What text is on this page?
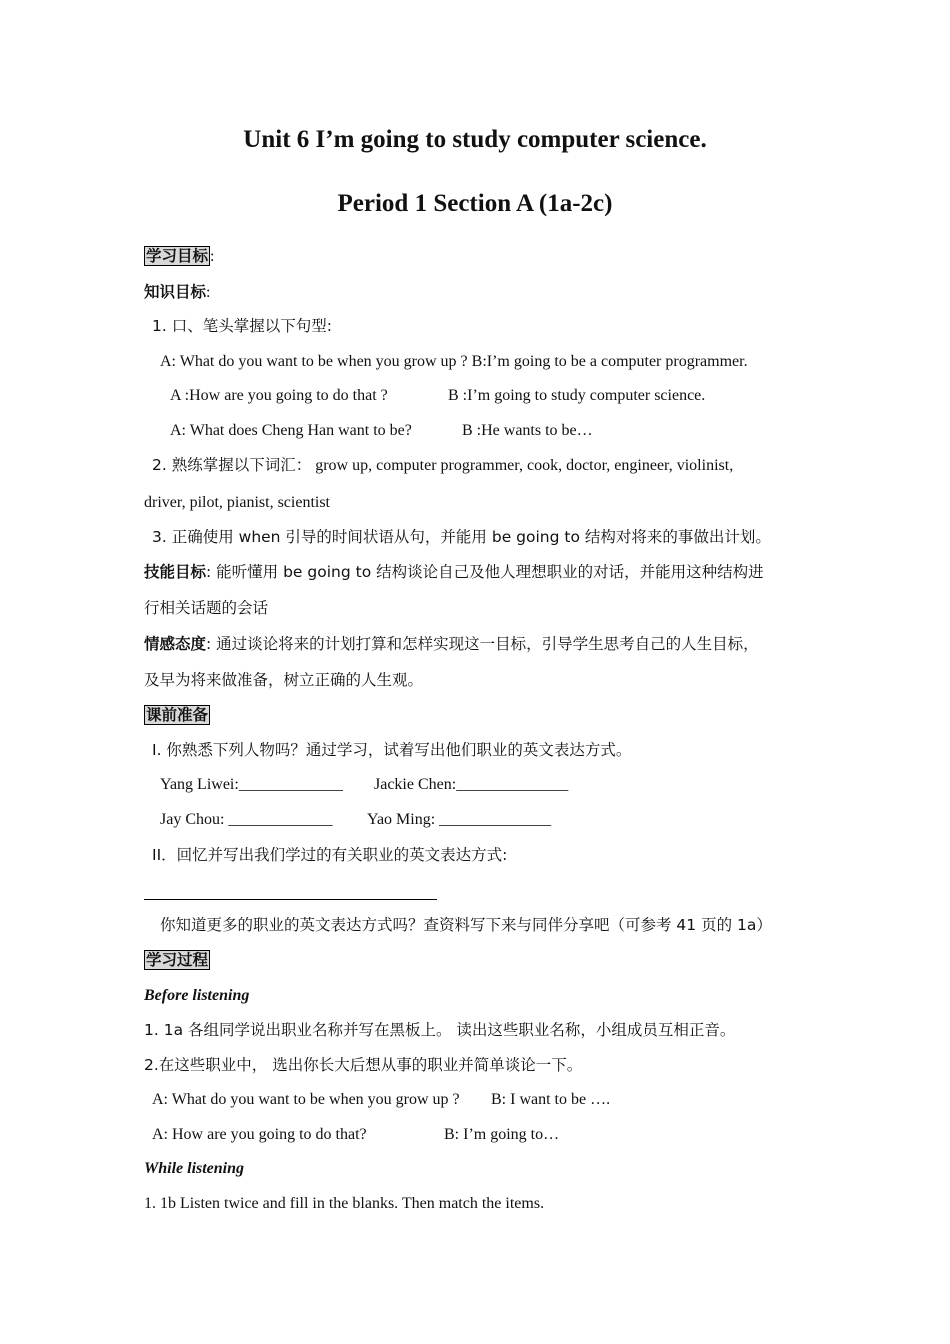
Unit 6 I’m going to study computer science.
Period 1 Section A (1a-2c)
学习目标 :
知识目标:
1. 口、笔头掌握以下句型:
A: What do you want to be when you grow up ? B:I’m going to be a computer programmer.
A :How are you going to do that ?	B :I’m going to study computer science.
A: What does Cheng Han want to be?	B :He wants to be…
2. 熟练掌握以下词汇： grow up, computer programmer, cook, doctor, engineer, violinist,
driver, pilot, pianist, scientist
3. 正确使用 when 引导的时间状语从句，并能用 be going to 结构对将来的事做出计划。
技能目标: 能听懂用 be going to 结构谈论自己及他人理想职业的对话，并能用这种结构进
行相关话题的会话
情感态度: 通过谈论将来的计划打算和怎样实现这一目标，引导学生思考自己的人生目标，
及早为将来做准备，树立正确的人生观。
课前准备
I. 你熟悉下列人物吗？通过学习，试着写出他们职业的英文表达方式。
Yang Liwei:_____________ Jackie Chen:______________
Jay Chou: _____________ Yao Ming: ______________
II．回忆并写出我们学过的有关职业的英文表达方式:
你知道更多的职业的英文表达方式吗？查资料写下来与同伴分享吧（可参考 41 页的 1a）
学习过程
Before listening
1. 1a 各组同学说出职业名称并写在黑板上。 读出这些职业名称，小组成员互相正音。
2.在这些职业中， 选出你长大后想从事的职业并简单谈论一下。
A: What do you want to be when you grow up ? B: I want to be ….
A: How are you going to do that?	B: I’m going to…
While listening
1. 1b Listen twice and fill in the blanks. Then match the items.
